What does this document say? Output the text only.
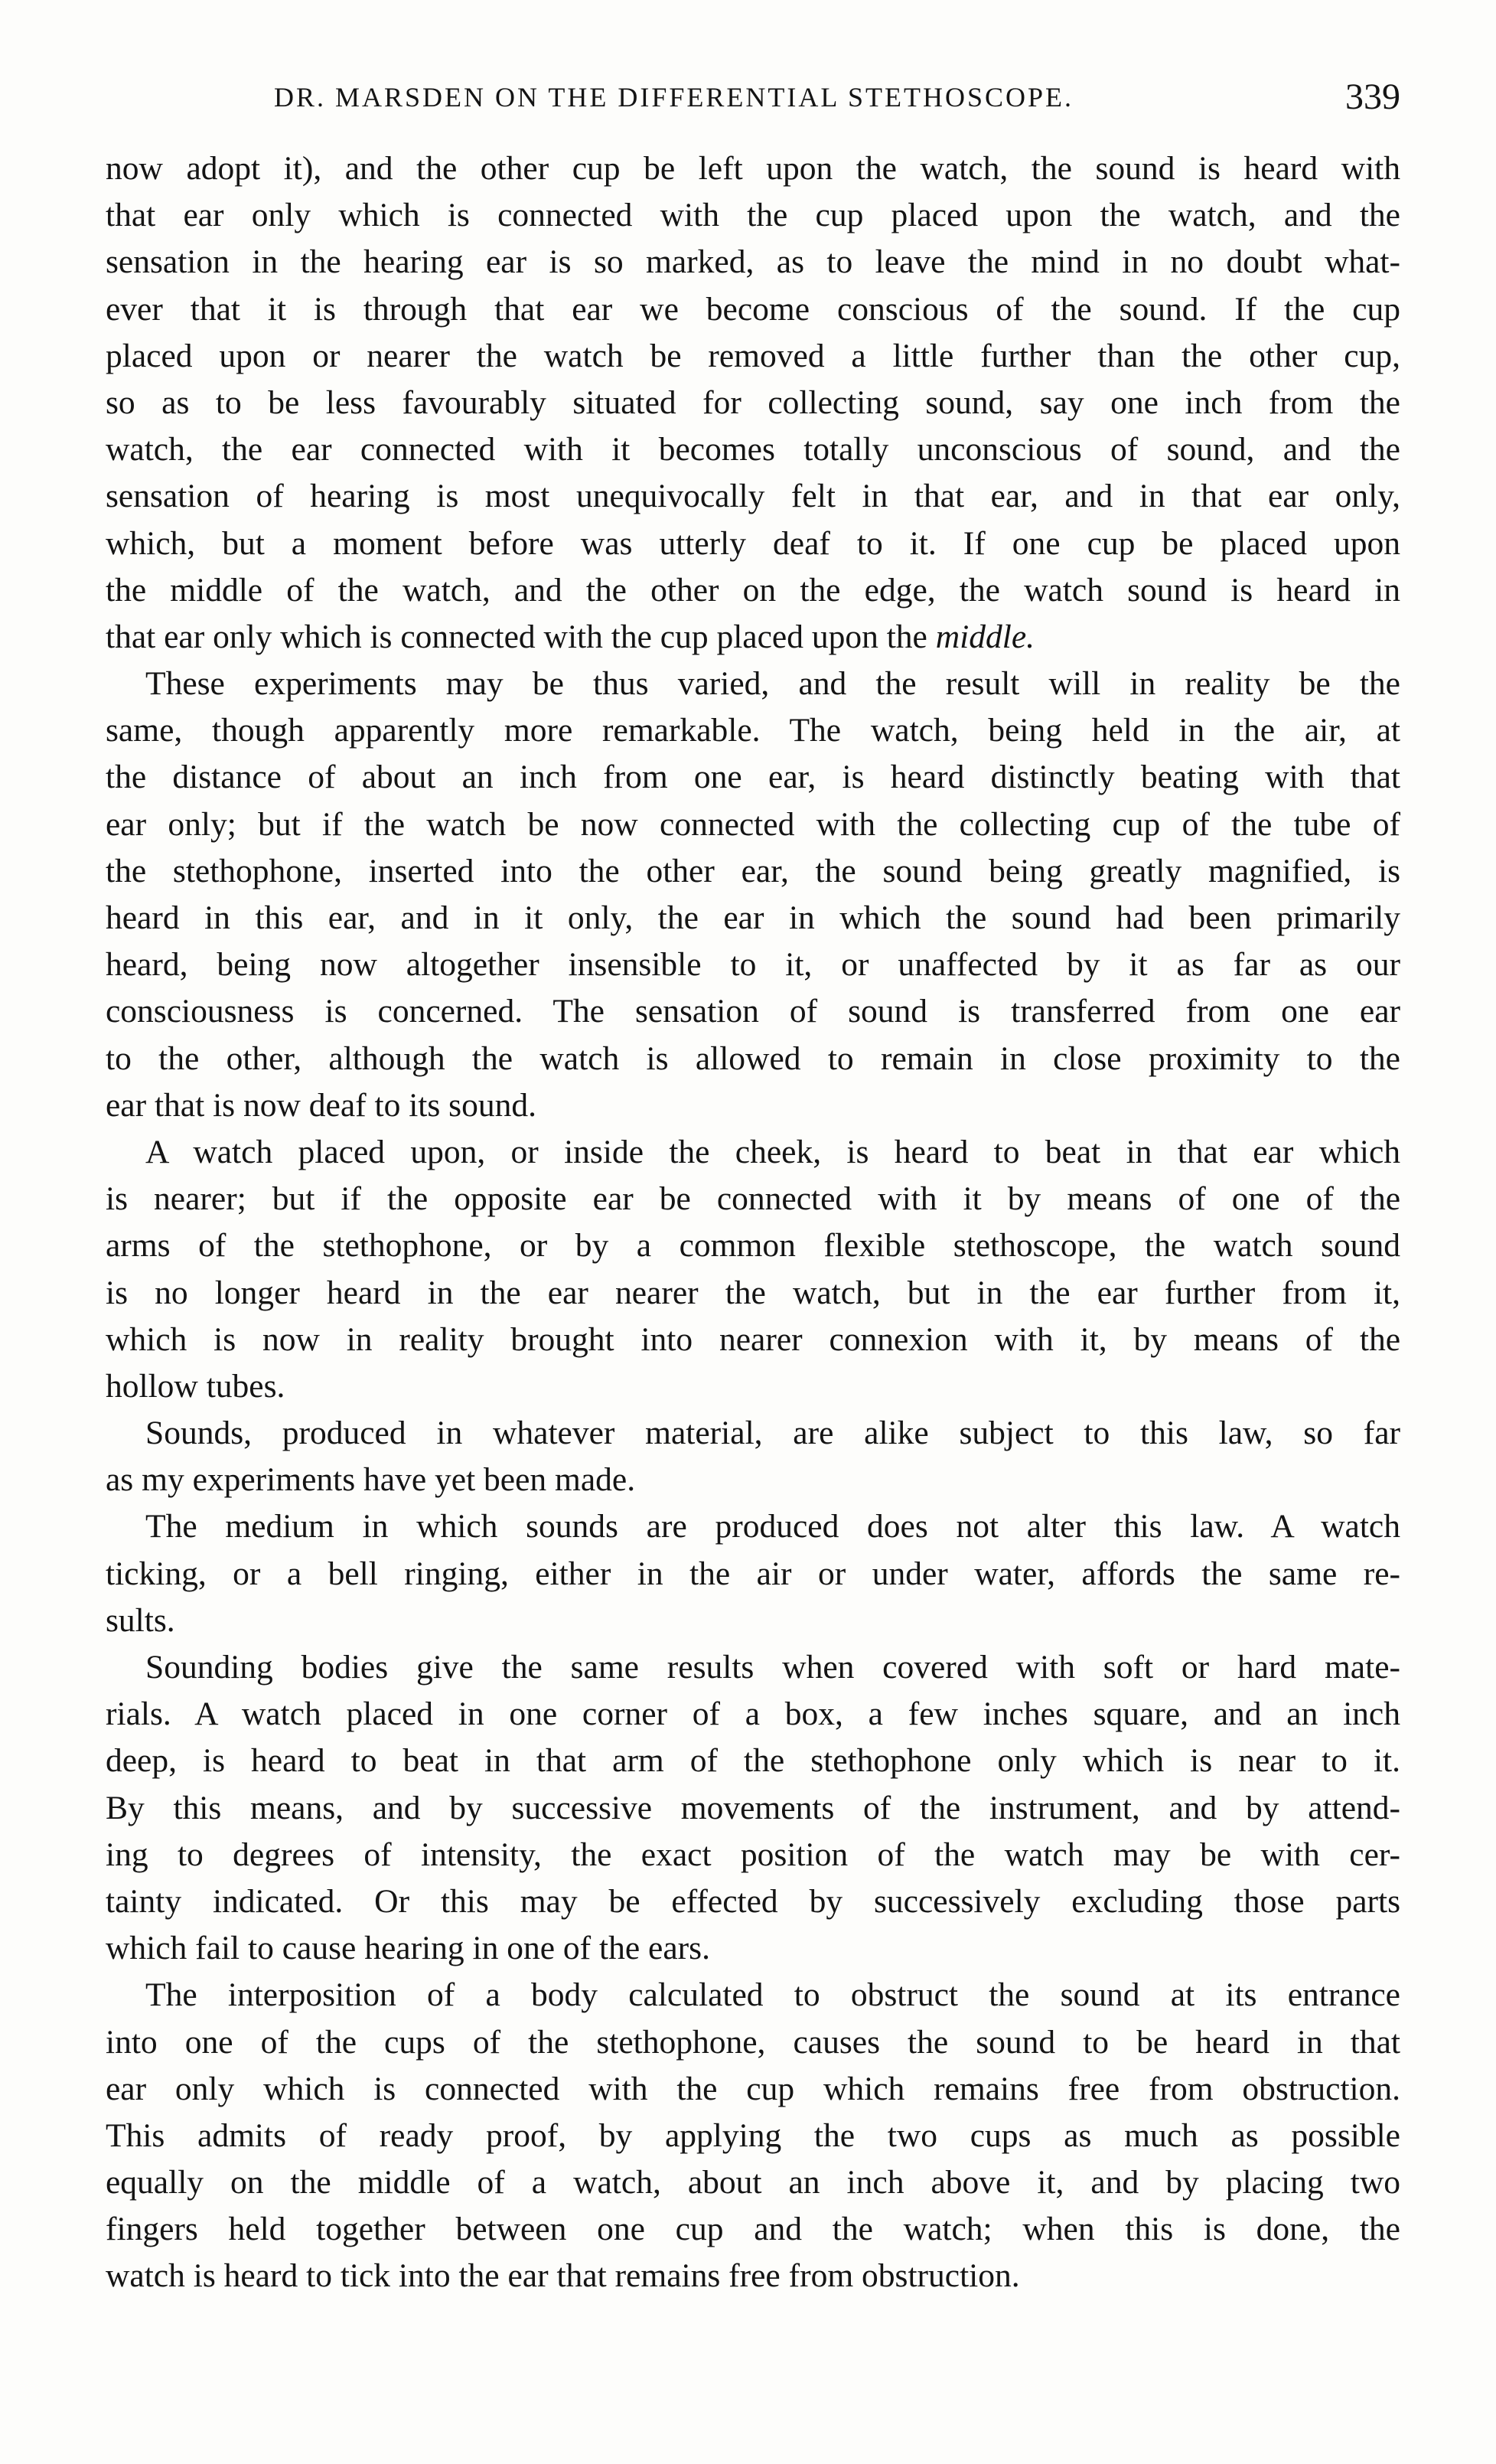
DR. MARSDEN ON THE DIFFERENTIAL STETHOSCOPE.	339
now adopt it), and the other cup be left upon the watch, the sound is heard with
that ear only which is connected with the cup placed upon the watch, and the
sensation in the hearing ear is so marked, as to leave the mind in no doubt what-
ever that it is through that ear we become conscious of the sound. If the cup
placed upon or nearer the watch be removed a little further than the other cup,
so as to be less favourably situated for collecting sound, say one inch from the
watch, the ear connected with it becomes totally unconscious of sound, and the
sensation of hearing is most unequivocally felt in that ear, and in that ear only,
which, but a moment before was utterly deaf to it. If one cup be placed upon
the middle of the watch, and the other on the edge, the watch sound is heard in
that ear only which is connected with the cup placed upon the middle.
These experiments may be thus varied, and the result will in reality be the
same, though apparently more remarkable. The watch, being held in the air, at
the distance of about an inch from one ear, is heard distinctly beating with that
ear only; but if the watch be now connected with the collecting cup of the tube of
the stethophone, inserted into the other ear, the sound being greatly magnified, is
heard in this ear, and in it only, the ear in which the sound had been primarily
heard, being now altogether insensible to it, or unaffected by it as far as our
consciousness is concerned. The sensation of sound is transferred from one ear
to the other, although the watch is allowed to remain in close proximity to the
ear that is now deaf to its sound.
A watch placed upon, or inside the cheek, is heard to beat in that ear which
is nearer; but if the opposite ear be connected with it by means of one of the
arms of the stethophone, or by a common flexible stethoscope, the watch sound
is no longer heard in the ear nearer the watch, but in the ear further from it,
which is now in reality brought into nearer connexion with it, by means of the
hollow tubes.
Sounds, produced in whatever material, are alike subject to this law, so far
as my experiments have yet been made.
The medium in which sounds are produced does not alter this law. A watch
ticking, or a bell ringing, either in the air or under water, affords the same re-
sults.
Sounding bodies give the same results when covered with soft or hard mate-
rials. A watch placed in one corner of a box, a few inches square, and an inch
deep, is heard to beat in that arm of the stethophone only which is near to it.
By this means, and by successive movements of the instrument, and by attend-
ing to degrees of intensity, the exact position of the watch may be with cer-
tainty indicated. Or this may be effected by successively excluding those parts
which fail to cause hearing in one of the ears.
The interposition of a body calculated to obstruct the sound at its entrance
into one of the cups of the stethophone, causes the sound to be heard in that
ear only which is connected with the cup which remains free from obstruction.
This admits of ready proof, by applying the two cups as much as possible
equally on the middle of a watch, about an inch above it, and by placing two
fingers held together between one cup and the watch; when this is done, the
watch is heard to tick into the ear that remains free from obstruction.
